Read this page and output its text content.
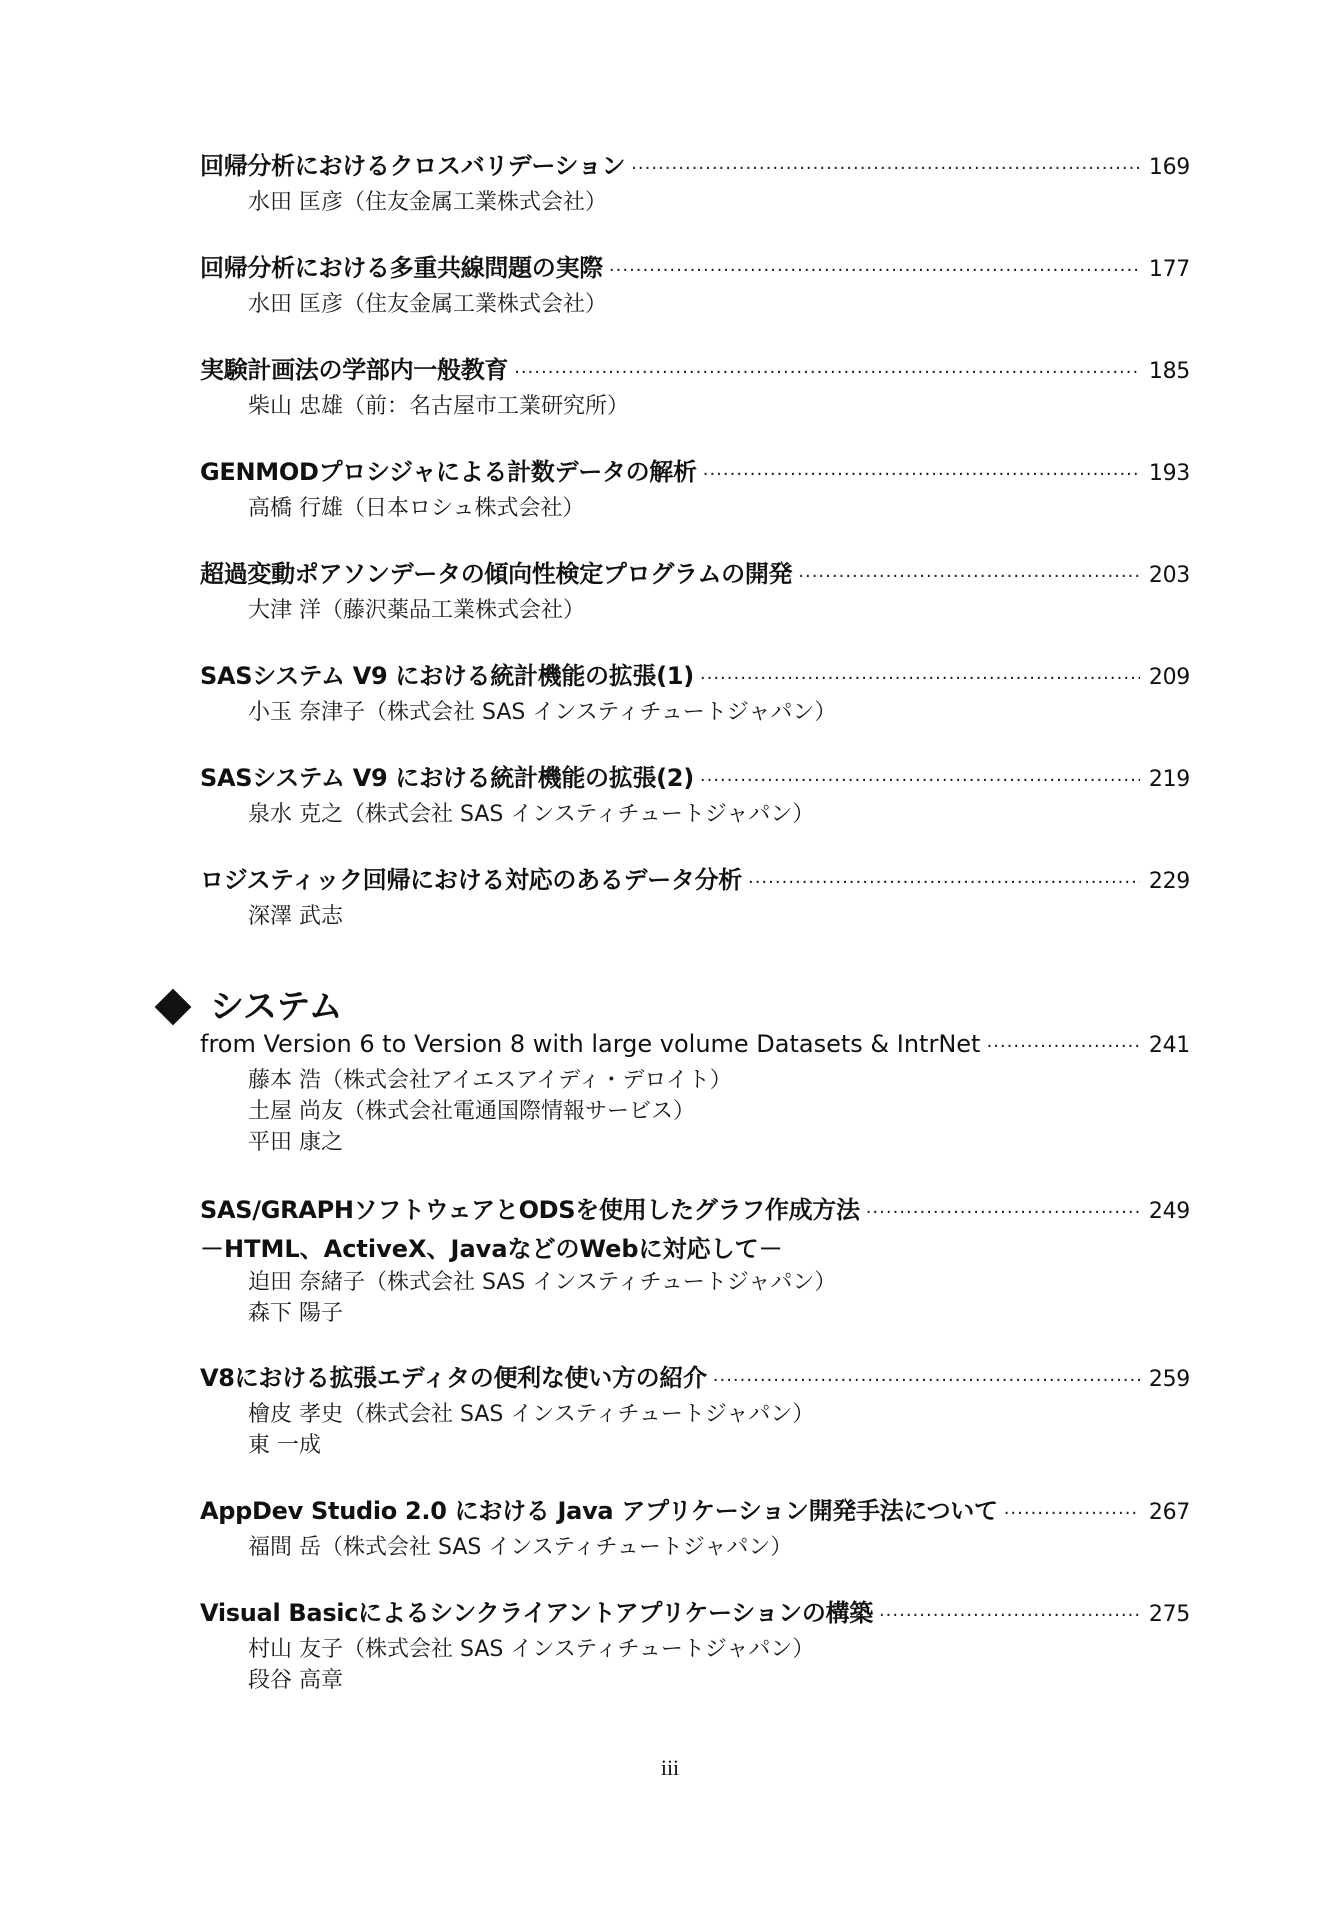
回帰分析におけるクロスバリデーション ·····	169
水田 匡彦（住友金属工業株式会社）
回帰分析における多重共線問題の実際 ·····	177
水田 匡彦（住友金属工業株式会社）
実験計画法の学部内一般教育 ·····	185
柴山 忠雄（前：名古屋市工業研究所）
GENMODプロシジャによる計数データの解析 ·····	193
高橋 行雄（日本ロシュ株式会社）
超過変動ポアソンデータの傾向性検定プログラムの開発 ·····	203
大津 洋（藤沢薬品工業株式会社）
SASシステム V9 における統計機能の拡張(1) ·····	209
小玉 奈津子（株式会社 SAS インスティチュートジャパン）
SASシステム V9 における統計機能の拡張(2) ·····	219
泉水 克之（株式会社 SAS インスティチュートジャパン）
ロジスティック回帰における対応のあるデータ分析 ·····	229
深澤 武志
システム
from Version 6 to Version 8 with large volume Datasets & IntrNet ·····	241
藤本 浩（株式会社アイエスアイディ・デロイト）
土屋 尚友（株式会社電通国際情報サービス）
平田 康之
SAS/GRAPHソフトウェアとODSを使用したグラフ作成方法 ·····	249
－HTML、ActiveX、JavaなどのWebに対応して－
迫田 奈緒子（株式会社 SAS インスティチュートジャパン）
森下 陽子
V8における拡張エディタの便利な使い方の紹介 ·····	259
檜皮 孝史（株式会社 SAS インスティチュートジャパン）
東 一成
AppDev Studio 2.0 における Java アプリケーション開発手法について ·····	267
福間 岳（株式会社 SAS インスティチュートジャパン）
Visual Basicによるシンクライアントアプリケーションの構築 ·····	275
村山 友子（株式会社 SAS インスティチュートジャパン）
段谷 高章
iii
